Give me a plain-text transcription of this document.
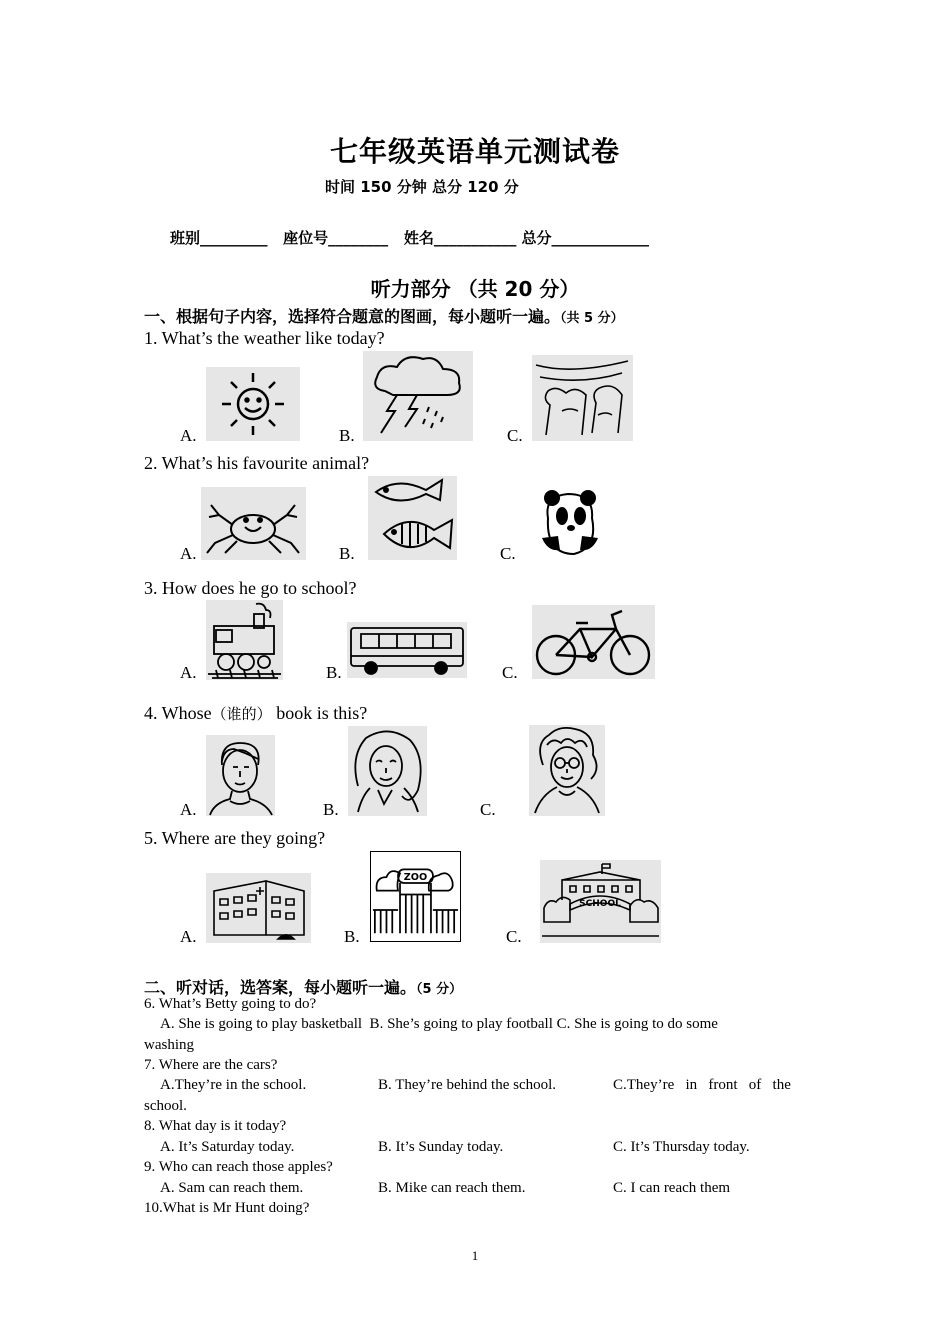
七年级英语单元测试卷
时间 150 分钟 总分 120 分
班别_________   座位号________   姓名___________ 总分_____________
听力部分 （共 20 分）
一、根据句子内容，选择符合题意的图画，每小题听一遍。（共 5 分）
1. What’s the weather like today?
A.	B.	C.
2. What’s his favourite animal?
A.	B.	C.
3. How does he go to school?
A.	B.	C.
4. Whose（谁的） book is this?
A.	B.	C.
5. Where are they going?
A.	B.
ZOO
C.
SCHOOL
二、听对话，选答案，每小题听一遍。（5 分）
6. What’s Betty going to do?
A. She is going to play basketball  B. She’s going to play football C. She is going to do some
washing
7. Where are the cars?
A.They’re in the school.	B. They’re behind the school.	C.They’re   in   front   of   the
school.
8. What day is it today?
A. It’s Saturday today.	B. It’s Sunday today.	C. It’s Thursday today.
9. Who can reach those apples?
A. Sam can reach them.	B. Mike can reach them.	C. I can reach them
10.What is Mr Hunt doing?
1
